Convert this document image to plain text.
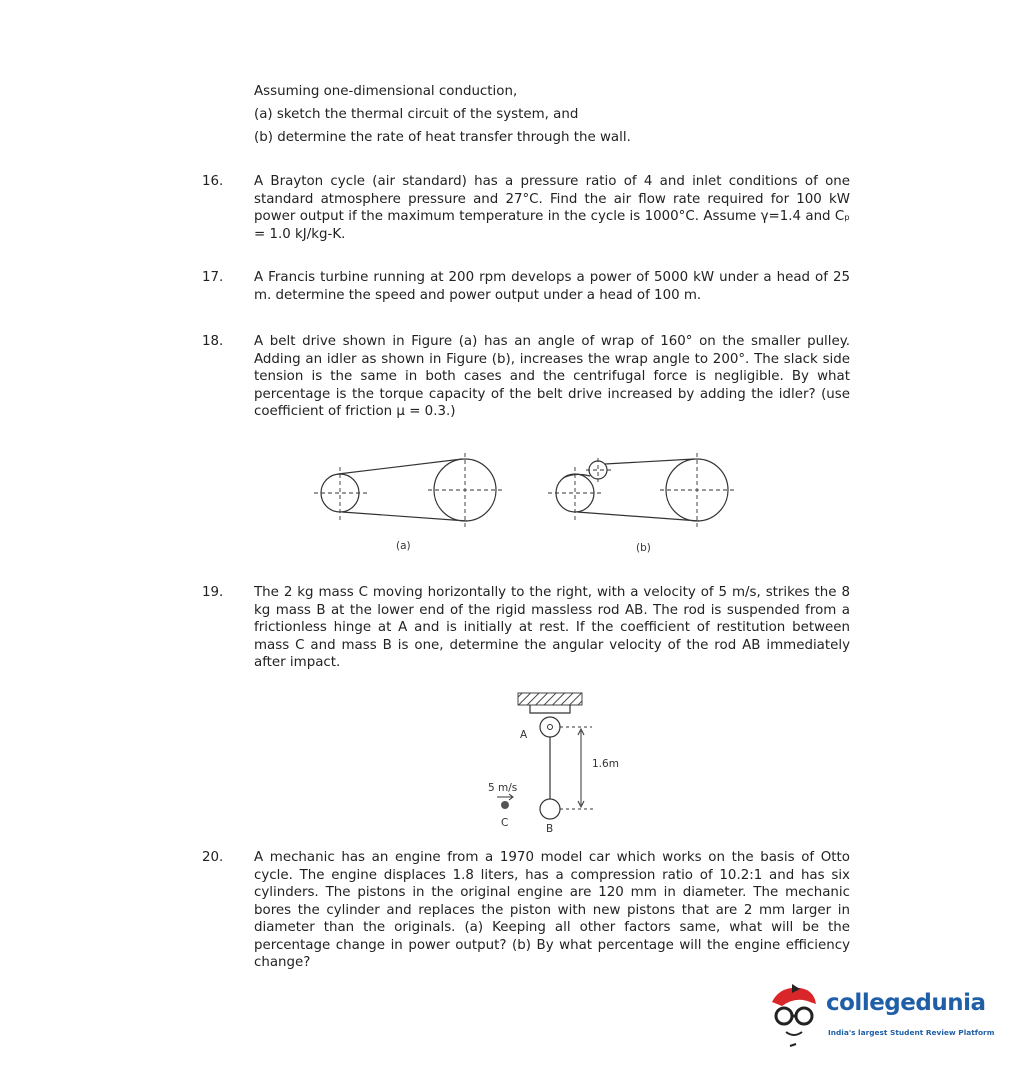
Assuming one-dimensional conduction,
(a) sketch the thermal circuit of the system, and
(b) determine the rate of heat transfer through the wall.
16. A Brayton cycle (air standard) has a pressure ratio of 4 and inlet conditions of one standard atmosphere pressure and 27°C. Find the air flow rate required for 100 kW power output if the maximum temperature in the cycle is 1000°C. Assume γ=1.4 and Cₚ = 1.0 kJ/kg-K.
17. A Francis turbine running at 200 rpm develops a power of 5000 kW under a head of 25 m. determine the speed and power output under a head of 100 m.
18. A belt drive shown in Figure (a) has an angle of wrap of 160° on the smaller pulley. Adding an idler as shown in Figure (b), increases the wrap angle to 200°. The slack side tension is the same in both cases and the centrifugal force is negligible. By what percentage is the torque capacity of the belt drive increased by adding the idler? (use coefficient of friction μ = 0.3.)
(a)	(b)
19. The 2 kg mass C moving horizontally to the right, with a velocity of 5 m/s, strikes the 8 kg mass B at the lower end of the rigid massless rod AB. The rod is suspended from a frictionless hinge at A and is initially at rest. If the coefficient of restitution between mass C and mass B is one, determine the angular velocity of the rod AB immediately after impact.
A
B
C
5 m/s
1.6m
20. A mechanic has an engine from a 1970 model car which works on the basis of Otto cycle. The engine displaces 1.8 liters, has a compression ratio of 10.2:1 and has six cylinders. The pistons in the original engine are 120 mm in diameter. The mechanic bores the cylinder and replaces the piston with new pistons that are 2 mm larger in diameter than the originals. (a) Keeping all other factors same, what will be the percentage change in power output? (b) By what percentage will the engine efficiency change?
collegedunia
India's largest Student Review Platform
